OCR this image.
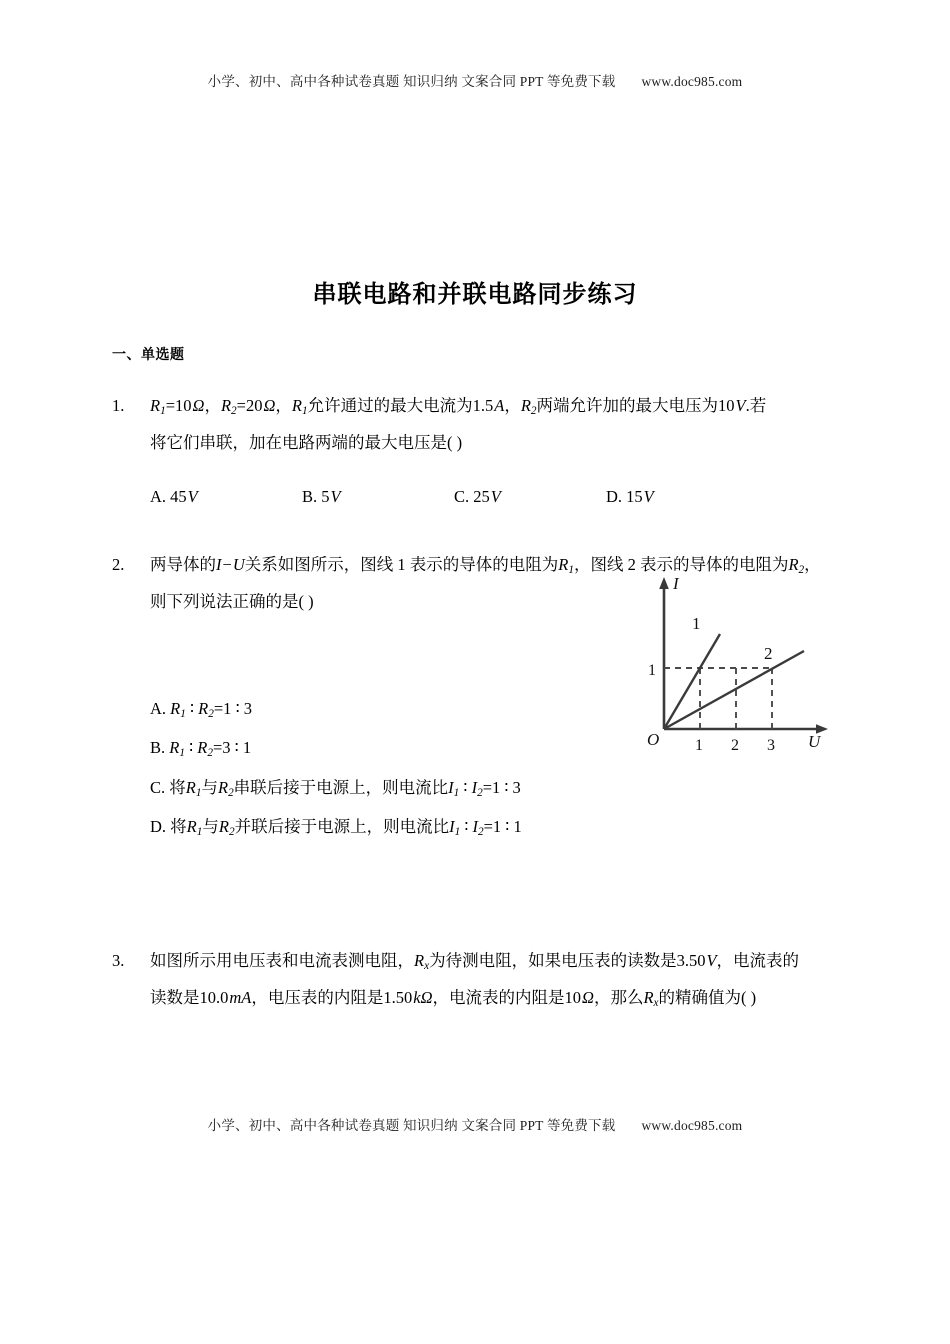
小学、初中、高中各种试卷真题 知识归纳 文案合同 PPT 等免费下载 www.doc985.com
串联电路和并联电路同步练习
一、单选题
1.	$R_1=10\Omega$，$R_2=20\Omega$，$R_1$允许通过的最大电流为1.5A，$R_2$两端允许加的最大电压为10V.若
将它们串联，加在电路两端的最大电压是( )
A. 45V	B. 5V	C. 25V	D. 15V
2.	两导体的I−U关系如图所示，图线 1 表示的导体的电阻为$R_1$，图线 2 表示的导体的电阻为$R_2$，
则下列说法正确的是( )
A. $R_1$ ∶ $R_2=1$ ∶ 3
B. $R_1$ ∶ $R_2=3$ ∶ 1
C. 将$R_1$与$R_2$串联后接于电源上，则电流比$I_1$ ∶ $I_2=1$ ∶ 3
D. 将$R_1$与$R_2$并联后接于电源上，则电流比$I_1$ ∶ $I_2=1$ ∶ 1
I
U
O
1
1 2 3
1
2
3.	如图所示用电压表和电流表测电阻，$R_x$为待测电阻，如果电压表的读数是3.50V，电流表的
读数是10.0mA，电压表的内阻是1.50kΩ，电流表的内阻是10Ω，那么$R_x$的精确值为( )
小学、初中、高中各种试卷真题 知识归纳 文案合同 PPT 等免费下载 www.doc985.com
